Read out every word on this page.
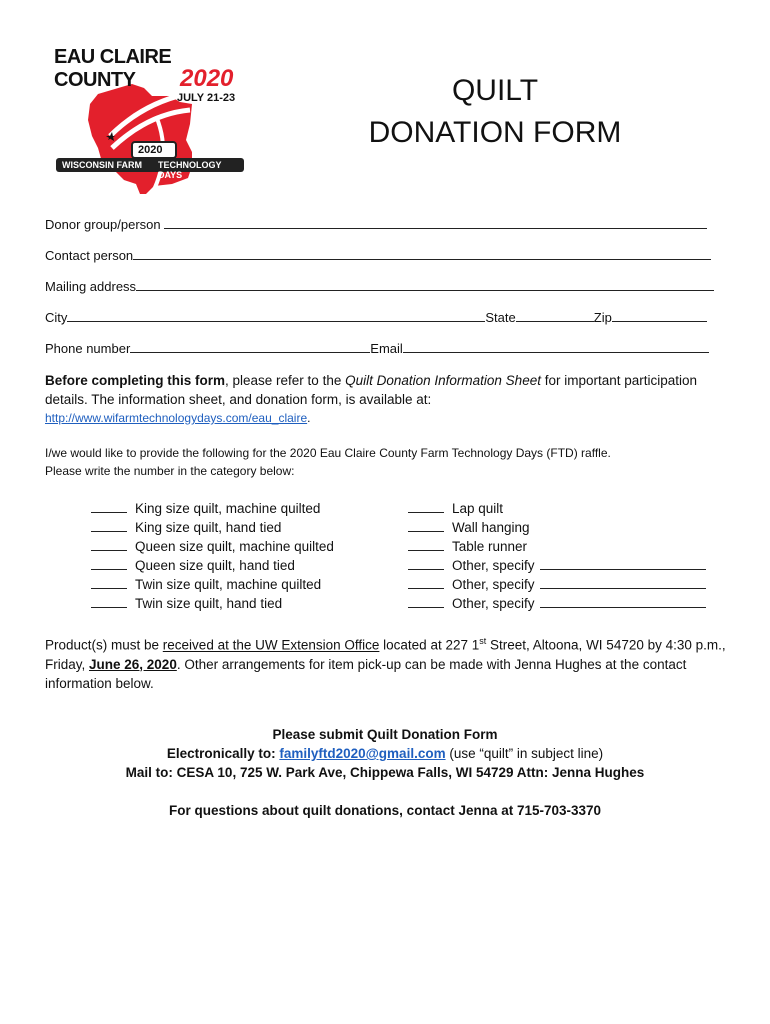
EAU CLAIRE COUNTY	2020
JULY 21-23
2020
WISCONSIN FARM TECHNOLOGY DAYS
QUILT
DONATION FORM
Donor group/person
Contact person
Mailing address
City	State	Zip
Phone number	Email
Before completing this form, please refer to the Quilt Donation Information Sheet for important participation details. The information sheet, and donation form, is available at:
http://www.wifarmtechnologydays.com/eau_claire.
I/we would like to provide the following for the 2020 Eau Claire County Farm Technology Days (FTD) raffle.
Please write the number in the category below:
King size quilt, machine quilted
King size quilt, hand tied
Queen size quilt, machine quilted
Queen size quilt, hand tied
Twin size quilt, machine quilted
Twin size quilt, hand tied
Lap quilt
Wall hanging
Table runner
Other, specify
Other, specify
Other, specify
Product(s) must be received at the UW Extension Office located at 227 1st Street, Altoona, WI 54720 by 4:30 p.m., Friday, June 26, 2020. Other arrangements for item pick-up can be made with Jenna Hughes at the contact information below.
Please submit Quilt Donation Form
Electronically to: familyftd2020@gmail.com (use “quilt” in subject line)
Mail to: CESA 10, 725 W. Park Ave, Chippewa Falls, WI 54729 Attn: Jenna Hughes
For questions about quilt donations, contact Jenna at 715-703-3370
